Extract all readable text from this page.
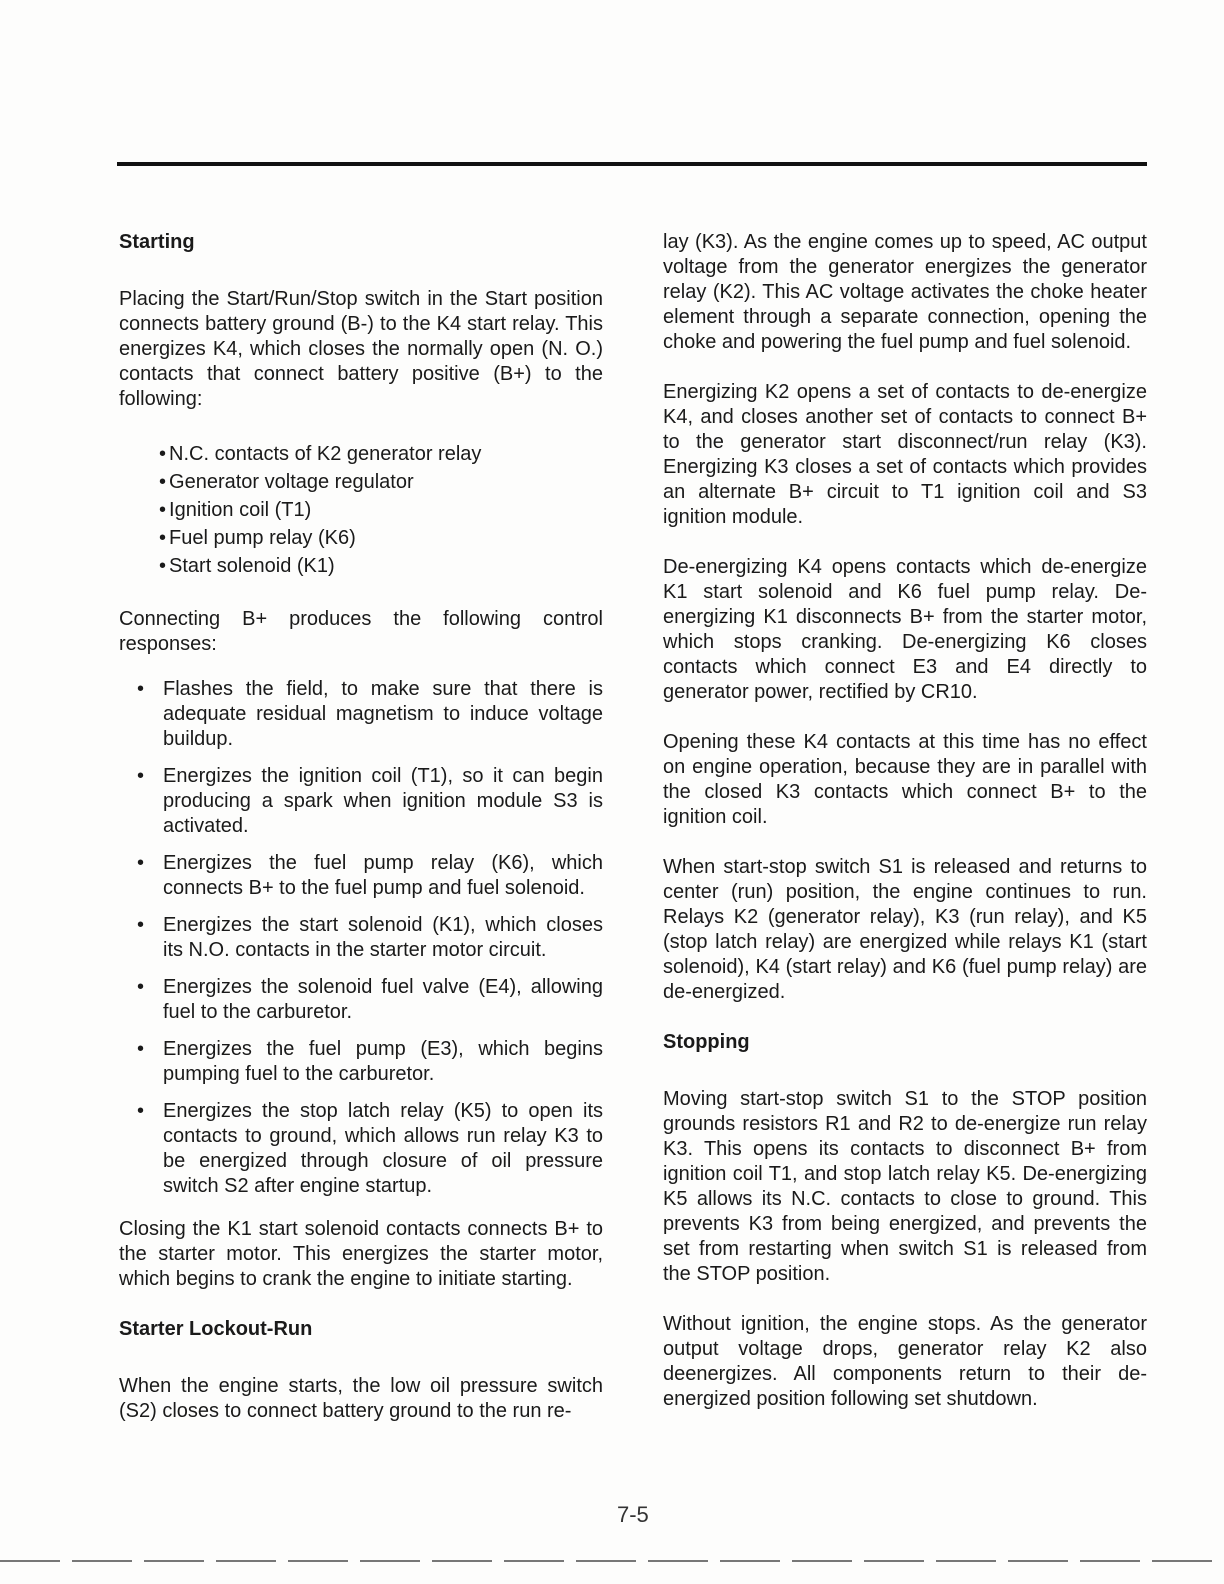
Starting

Placing the Start/Run/Stop switch in the Start position connects battery ground (B-) to the K4 start relay. This energizes K4, which closes the normally open (N. O.) contacts that connect battery positive (B+) to the following:

• N.C. contacts of K2 generator relay
• Generator voltage regulator
• Ignition coil (T1)
• Fuel pump relay (K6)
• Start solenoid (K1)

Connecting B+ produces the following control responses:

• Flashes the field, to make sure that there is adequate residual magnetism to induce voltage buildup.
• Energizes the ignition coil (T1), so it can begin producing a spark when ignition module S3 is activated.
• Energizes the fuel pump relay (K6), which connects B+ to the fuel pump and fuel solenoid.
• Energizes the start solenoid (K1), which closes its N.O. contacts in the starter motor circuit.
• Energizes the solenoid fuel valve (E4), allowing fuel to the carburetor.
• Energizes the fuel pump (E3), which begins pumping fuel to the carburetor.
• Energizes the stop latch relay (K5) to open its contacts to ground, which allows run relay K3 to be energized through closure of oil pressure switch S2 after engine startup.

Closing the K1 start solenoid contacts connects B+ to the starter motor. This energizes the starter motor, which begins to crank the engine to initiate starting.

Starter Lockout-Run

When the engine starts, the low oil pressure switch (S2) closes to connect battery ground to the run re-

lay (K3). As the engine comes up to speed, AC output voltage from the generator energizes the generator relay (K2). This AC voltage activates the choke heater element through a separate connection, opening the choke and powering the fuel pump and fuel solenoid.

Energizing K2 opens a set of contacts to de-energize K4, and closes another set of contacts to connect B+ to the generator start disconnect/run relay (K3). Energizing K3 closes a set of contacts which provides an alternate B+ circuit to T1 ignition coil and S3 ignition module.

De-energizing K4 opens contacts which de-energize K1 start solenoid and K6 fuel pump relay. De-energizing K1 disconnects B+ from the starter motor, which stops cranking. De-energizing K6 closes contacts which connect E3 and E4 directly to generator power, rectified by CR10.

Opening these K4 contacts at this time has no effect on engine operation, because they are in parallel with the closed K3 contacts which connect B+ to the ignition coil.

When start-stop switch S1 is released and returns to center (run) position, the engine continues to run. Relays K2 (generator relay), K3 (run relay), and K5 (stop latch relay) are energized while relays K1 (start solenoid), K4 (start relay) and K6 (fuel pump relay) are de-energized.

Stopping

Moving start-stop switch S1 to the STOP position grounds resistors R1 and R2 to de-energize run relay K3. This opens its contacts to disconnect B+ from ignition coil T1, and stop latch relay K5. De-energizing K5 allows its N.C. contacts to close to ground. This prevents K3 from being energized, and prevents the set from restarting when switch S1 is released from the STOP position.

Without ignition, the engine stops. As the generator output voltage drops, generator relay K2 also deenergizes. All components return to their de-energized position following set shutdown.

7-5
